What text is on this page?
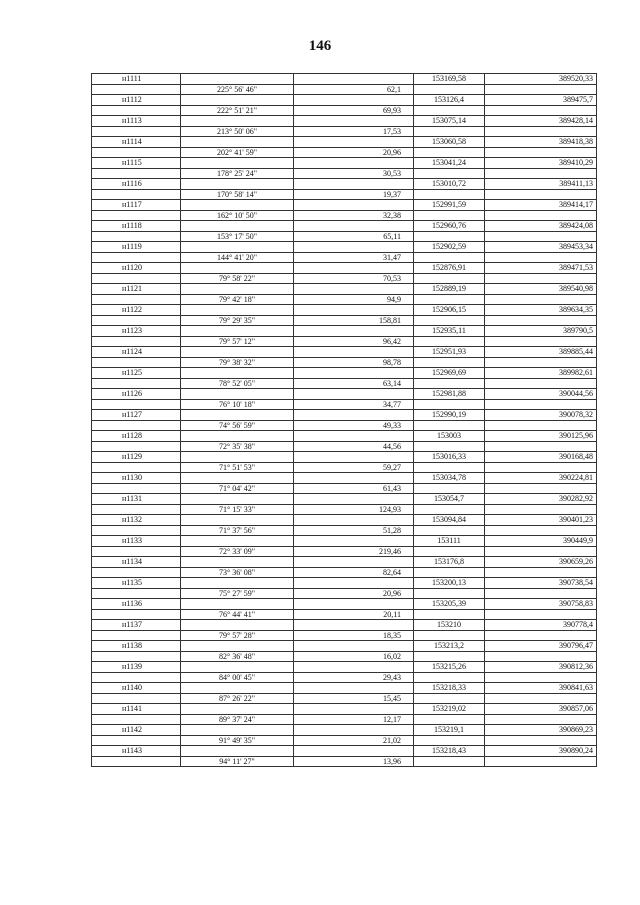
146
н1111			153169,58	389520,33
	225° 56' 46"	62,1		
н1112			153126,4	389475,7
	222° 51' 21"	69,93		
н1113			153075,14	389428,14
	213° 50' 06"	17,53		
н1114			153060,58	389418,38
	202° 41' 59"	20,96		
н1115			153041,24	389410,29
	178° 25' 24"	30,53		
н1116			153010,72	389411,13
	170° 58' 14"	19,37		
н1117			152991,59	389414,17
	162° 10' 50"	32,38		
н1118			152960,76	389424,08
	153° 17' 50"	65,11		
н1119			152902,59	389453,34
	144° 41' 20"	31,47		
н1120			152876,91	389471,53
	79° 58' 22"	70,53		
н1121			152889,19	389540,98
	79° 42' 18"	94,9		
н1122			152906,15	389634,35
	79° 29' 35"	158,81		
н1123			152935,11	389790,5
	79° 57' 12"	96,42		
н1124			152951,93	389885,44
	79° 38' 32"	98,78		
н1125			152969,69	389982,61
	78° 52' 05"	63,14		
н1126			152981,88	390044,56
	76° 10' 18"	34,77		
н1127			152990,19	390078,32
	74° 56' 59"	49,33		
н1128			153003	390125,96
	72° 35' 38"	44,56		
н1129			153016,33	390168,48
	71° 51' 53"	59,27		
н1130			153034,78	390224,81
	71° 04' 42"	61,43		
н1131			153054,7	390282,92
	71° 15' 33"	124,93		
н1132			153094,84	390401,23
	71° 37' 56"	51,28		
н1133			153111	390449,9
	72° 33' 09"	219,46		
н1134			153176,8	390659,26
	73° 36' 08"	82,64		
н1135			153200,13	390738,54
	75° 27' 59"	20,96		
н1136			153205,39	390758,83
	76° 44' 41"	20,11		
н1137			153210	390778,4
	79° 57' 28"	18,35		
н1138			153213,2	390796,47
	82° 36' 48"	16,02		
н1139			153215,26	390812,36
	84° 00' 45"	29,43		
н1140			153218,33	390841,63
	87° 26' 22"	15,45		
н1141			153219,02	390857,06
	89° 37' 24"	12,17		
н1142			153219,1	390869,23
	91° 49' 35"	21,02		
н1143			153218,43	390890,24
	94° 11' 27"	13,96		
